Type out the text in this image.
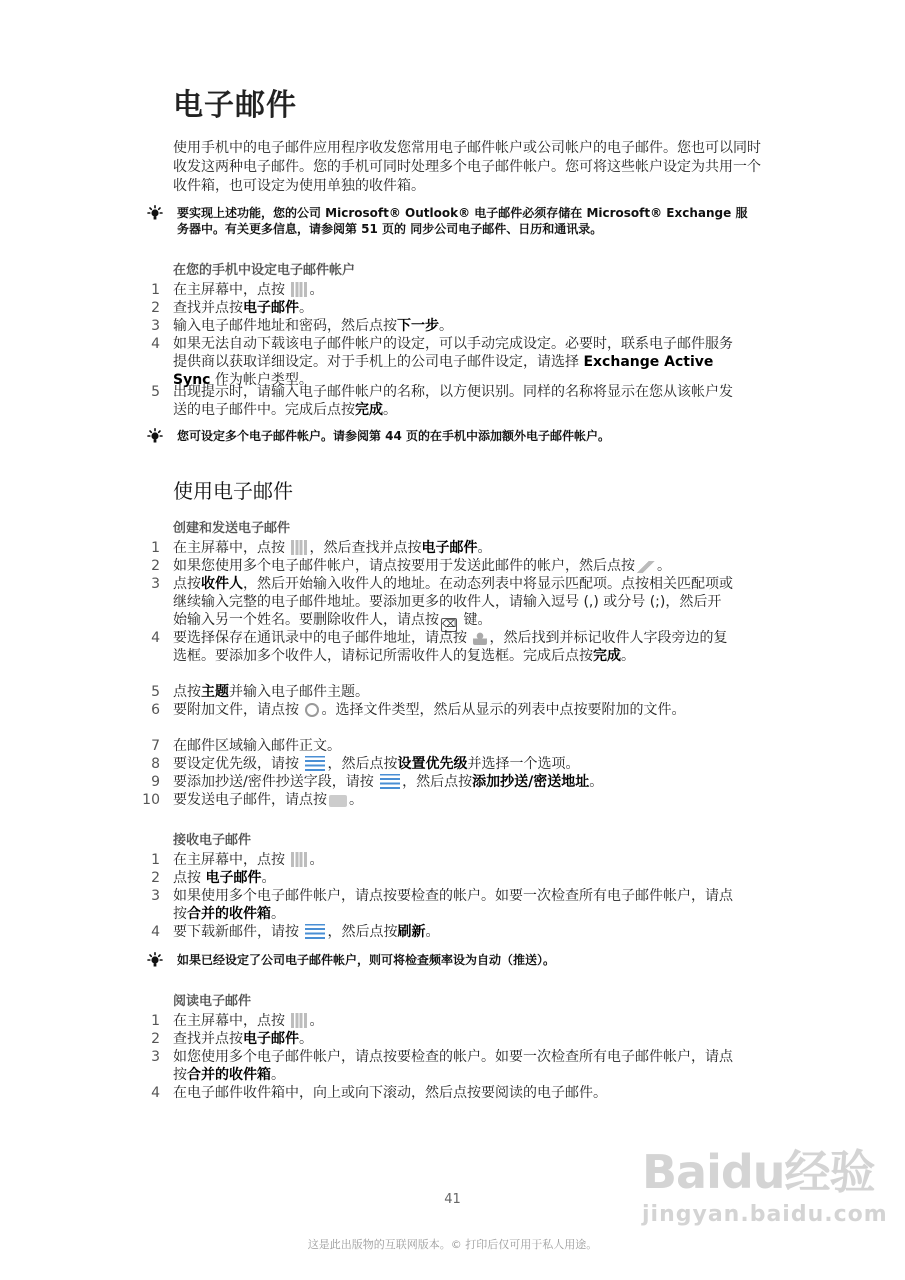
电子邮件
使用手机中的电子邮件应用程序收发您常用电子邮件帐户或公司帐户的电子邮件。您也可以同时收发这两种电子邮件。您的手机可同时处理多个电子邮件帐户。您可将这些帐户设定为共用一个收件箱，也可设定为使用单独的收件箱。
要实现上述功能，您的公司 Microsoft® Outlook® 电子邮件必须存储在 Microsoft® Exchange 服务器中。有关更多信息，请参阅第 51 页的 同步公司电子邮件、日历和通讯录。
在您的手机中设定电子邮件帐户
1 在主屏幕中，点按 。
2 查找并点按电子邮件。
3 输入电子邮件地址和密码，然后点按下一步。
4 如果无法自动下载该电子邮件帐户的设定，可以手动完成设定。必要时，联系电子邮件服务提供商以获取详细设定。对于手机上的公司电子邮件设定，请选择 Exchange Active Sync 作为帐户类型。
5 出现提示时，请输入电子邮件帐户的名称，以方便识别。同样的名称将显示在您从该帐户发送的电子邮件中。完成后点按完成。
您可设定多个电子邮件帐户。请参阅第 44 页的在手机中添加额外电子邮件帐户。
使用电子邮件
创建和发送电子邮件
1 在主屏幕中，点按 ，然后查找并点按电子邮件。
2 如果您使用多个电子邮件帐户，请点按要用于发送此邮件的帐户，然后点按 。
3 点按收件人，然后开始输入收件人的地址。在动态列表中将显示匹配项。点按相关匹配项或继续输入完整的电子邮件地址。要添加更多的收件人，请输入逗号 (,) 或分号 (;)，然后开始输入另一个姓名。要删除收件人，请点按 ⌫ 键。
4 要选择保存在通讯录中的电子邮件地址，请点按 ，然后找到并标记收件人字段旁边的复选框。要添加多个收件人，请标记所需收件人的复选框。完成后点按完成。
5 点按主题并输入电子邮件主题。
6 要附加文件，请点按 。选择文件类型，然后从显示的列表中点按要附加的文件。
7 在邮件区域输入邮件正文。
8 要设定优先级，请按 ，然后点按设置优先级并选择一个选项。
9 要添加抄送/密件抄送字段，请按 ，然后点按添加抄送/密送地址。
10 要发送电子邮件，请点按 。
接收电子邮件
1 在主屏幕中，点按 。
2 点按 电子邮件。
3 如果使用多个电子邮件帐户，请点按要检查的帐户。如要一次检查所有电子邮件帐户，请点按合并的收件箱。
4 要下载新邮件，请按 ，然后点按刷新。
如果已经设定了公司电子邮件帐户，则可将检查频率设为自动（推送）。
阅读电子邮件
1 在主屏幕中，点按 。
2 查找并点按电子邮件。
3 如您使用多个电子邮件帐户，请点按要检查的帐户。如要一次检查所有电子邮件帐户，请点按合并的收件箱。
4 在电子邮件收件箱中，向上或向下滚动，然后点按要阅读的电子邮件。
Baidu经验
jingyan.baidu.com
41
这是此出版物的互联网版本。© 打印后仅可用于私人用途。
